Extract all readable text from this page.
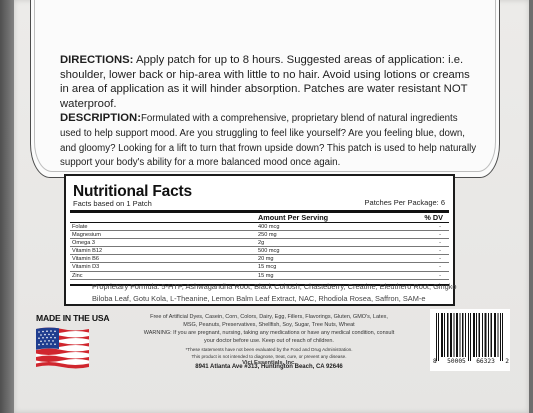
DIRECTIONS: Apply patch for up to 8 hours. Suggested areas of application: i.e. shoulder, lower back or hip-area with little to no hair. Avoid using lotions or creams in area of application as it will hinder absorption. Patches are water resistant NOT waterproof.

DESCRIPTION:Formulated with a comprehensive, proprietary blend of natural ingredients used to help support mood. Are you struggling to feel like yourself? Are you feeling blue, down, and gloomy? Looking for a lift to turn that frown upside down? This patch is used to help naturally support your body's ability for a more balanced mood once again.

Nutritional Facts
Facts based on 1 Patch	Patches Per Package: 6
Amount Per Serving	% DV
Folate	400 mcg	-
Magnesium	250 mg	-
Omega 3	2g	-
Vitamin B12	500 mcg	-
Vitamin B6	20 mg	-
Vitamin D3	15 mcg	-
Zinc	15 mg	-
Proprietary Formula: 5-HTP, Ashwagandha Root, Black Cohosh, Chasteberry, Creatine, Eleuthero Root, Gingko Biloba Leaf, Gotu Kola, L-Theanine, Lemon Balm Leaf Extract, NAC, Rhodiola Rosea, Saffron, SAM-e
MADE IN THE USA	Free of Artificial Dyes, Casein, Corn, Colors, Dairy, Egg, Fillers, Flavorings, Gluten, GMO's, Latex,
MSG, Peanuts, Preservatives, Shellfish, Soy, Sugar, Tree Nuts, Wheat
WARNING: If you are pregnant, nursing, taking any medications or have any medical condition, consult
your doctor before use. Keep out of reach of children.
*These statements have not been evaluated by the Food and Drug Administration.
This product is not intended to diagnose, treat, cure, or prevent any disease.
Vici Essentials, Inc.
8941 Atlanta Ave #313, Huntington Beach, CA 92646
8 50005 66323 2
